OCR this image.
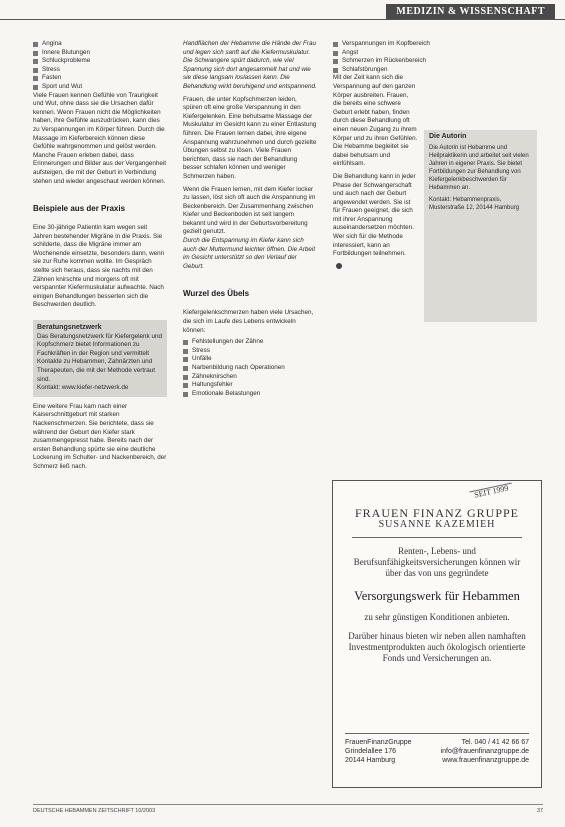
MEDIZIN & WISSENSCHAFT
Angina
Innere Blutungen
Schluckprobleme
Stress
Fasten
Sport und Wut

Viele Frauen kennen Gefühle von Traurigkeit und Wut, ohne dass sie die Ursachen dafür kennen. Wenn Frauen nicht die Möglichkeiten haben, ihre Gefühle auszudrücken, kann dies zu Verspannungen im Körper führen. Durch die Massage im Kieferbereich können diese Gefühle wahrgenommen und gelöst werden. Manche Frauen erleben dabei, dass Erinnerungen und Bilder aus der Vergangenheit aufsteigen, die mit der Geburt in Verbindung stehen und wieder angeschaut werden können.

Beispiele aus der Praxis

Eine 30-jährige Patientin kam wegen seit Jahren bestehender Migräne in die Praxis. Sie schilderte, dass die Migräne immer am Wochenende einsetzte, besonders dann, wenn sie zur Ruhe kommen wollte. Im Gespräch stellte sich heraus, dass sie nachts mit den Zähnen knirschte und morgens oft mit verspannter Kiefermuskulatur aufwachte. Nach einigen Behandlungen besserten sich die Beschwerden deutlich.

Beratungsnetzwerk

Das Beratungsnetzwerk für Kiefergelenk und Kopfschmerz bietet Informationen zu Fachkräften in der Region und vermittelt Kontakte zu Hebammen, Zahnärzten und Therapeuten, die mit der Methode vertraut sind.

Kontakt: www.kiefer-netzwerk.de

Eine weitere Frau kam nach einer Kaiserschnittgeburt mit starken Nackenschmerzen. Sie berichtete, dass sie während der Geburt den Kiefer stark zusammengepresst habe. Bereits nach der ersten Behandlung spürte sie eine deutliche Lockerung im Schulter- und Nackenbereich, der Schmerz ließ nach.

Handflächen der Hebamme die Hände der Frau und legen sich sanft auf die Kiefermuskulatur. Die Schwangere spürt dadurch, wie viel Spannung sich dort angesammelt hat und wie sie diese langsam loslassen kann. Die Behandlung wirkt beruhigend und entspannend.

Frauen, die unter Kopfschmerzen leiden, spüren oft eine große Verspannung in den Kiefergelenken. Eine behutsame Massage der Muskulatur im Gesicht kann zu einer Entlastung führen. Die Frauen lernen dabei, ihre eigene Anspannung wahrzunehmen und durch gezielte Übungen selbst zu lösen. Viele Frauen berichten, dass sie nach der Behandlung besser schlafen können und weniger Schmerzen haben.

Wenn die Frauen lernen, mit dem Kiefer locker zu lassen, löst sich oft auch die Anspannung im Beckenbereich. Der Zusammenhang zwischen Kiefer und Beckenboden ist seit langem bekannt und wird in der Geburtsvorbereitung gezielt genutzt.

Durch die Entspannung im Kiefer kann sich auch der Muttermund leichter öffnen. Die Arbeit im Gesicht unterstützt so den Verlauf der Geburt.

Wurzel des Übels

Kiefergelenkschmerzen haben viele Ursachen, die sich im Laufe des Lebens entwickeln können:

Fehlstellungen der Zähne
Stress
Unfälle
Narbenbildung nach Operationen
Zähneknirschen
Haltungsfehler
Emotionale Belastungen
Verspannungen im Kopfbereich
Angst
Schmerzen im Rückenbereich
Schlafstörungen

Mit der Zeit kann sich die Verspannung auf den ganzen Körper ausbreiten. Frauen, die bereits eine schwere Geburt erlebt haben, finden durch diese Behandlung oft einen neuen Zugang zu ihrem Körper und zu ihren Gefühlen. Die Hebamme begleitet sie dabei behutsam und einfühlsam.

Die Behandlung kann in jeder Phase der Schwangerschaft und auch nach der Geburt angewendet werden. Sie ist für Frauen geeignet, die sich mit ihrer Anspannung auseinandersetzen möchten. Wer sich für die Methode interessiert, kann an Fortbildungen teilnehmen.

Die Autorin

Die Autorin ist Hebamme und Heilpraktikerin und arbeitet seit vielen Jahren in eigener Praxis. Sie bietet Fortbildungen zur Behandlung von Kiefergelenkbeschwerden für Hebammen an.

Kontakt: Hebammenpraxis, Musterstraße 12, 20144 Hamburg

SEIT 1999
FRAUEN FINANZ GRUPPE
SUSANNE KAZEMIEH
Renten-, Lebens- und Berufsunfähigkeitsversicherungen können wir über das von uns gegründete
Versorgungswerk für Hebammen
zu sehr günstigen Konditionen anbieten.
Darüber hinaus bieten wir neben allen namhaften Investmentprodukten auch ökologisch orientierte Fonds und Versicherungen an.
FrauenFinanzGruppe
Grindelallee 176
20144 Hamburg
Tel. 040 / 41 42 66 67
info@frauenfinanzgruppe.de
www.frauenfinanzgruppe.de
DEUTSCHE HEBAMMEN ZEITSCHRIFT 10/2003	37
